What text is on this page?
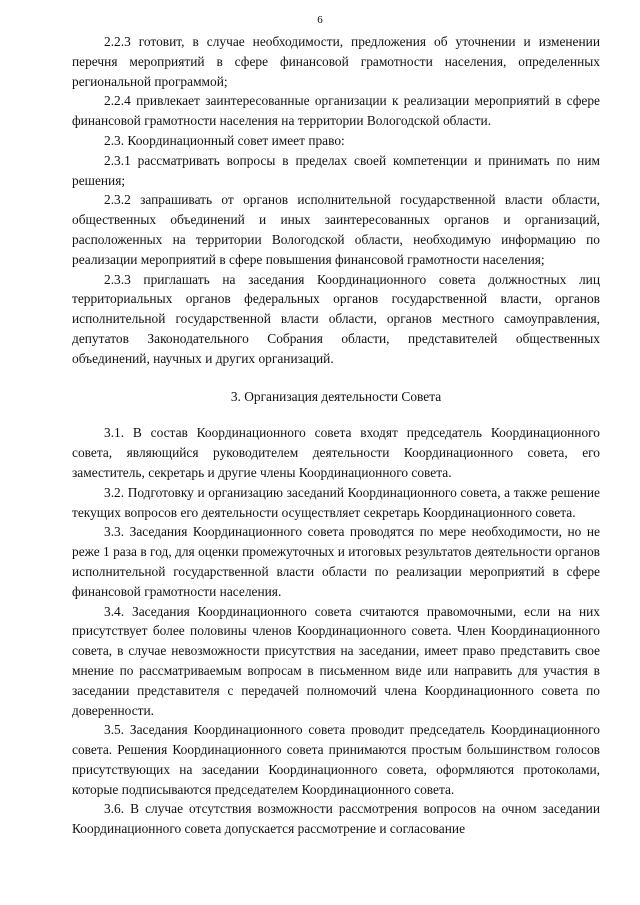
6

2.2.3 готовит, в случае необходимости, предложения об уточнении и изменении перечня мероприятий в сфере финансовой грамотности населения, определенных региональной программой;

2.2.4 привлекает заинтересованные организации к реализации мероприятий в сфере финансовой грамотности населения на территории Вологодской области.

2.3. Координационный совет имеет право:

2.3.1 рассматривать вопросы в пределах своей компетенции и принимать по ним решения;

2.3.2 запрашивать от органов исполнительной государственной власти области, общественных объединений и иных заинтересованных органов и организаций, расположенных на территории Вологодской области, необходимую информацию по реализации мероприятий в сфере повышения финансовой грамотности населения;

2.3.3 приглашать на заседания Координационного совета должностных лиц территориальных органов федеральных органов государственной власти, органов исполнительной государственной власти области, органов местного самоуправления, депутатов Законодательного Собрания области, представителей общественных объединений, научных и других организаций.

3. Организация деятельности Совета

3.1. В состав Координационного совета входят председатель Координационного совета, являющийся руководителем деятельности Координационного совета, его заместитель, секретарь и другие члены Координационного совета.

3.2. Подготовку и организацию заседаний Координационного совета, а также решение текущих вопросов его деятельности осуществляет секретарь Координационного совета.

3.3. Заседания Координационного совета проводятся по мере необходимости, но не реже 1 раза в год, для оценки промежуточных и итоговых результатов деятельности органов исполнительной государственной власти области по реализации мероприятий в сфере финансовой грамотности населения.

3.4. Заседания Координационного совета считаются правомочными, если на них присутствует более половины членов Координационного совета. Член Координационного совета, в случае невозможности присутствия на заседании, имеет право представить свое мнение по рассматриваемым вопросам в письменном виде или направить для участия в заседании представителя с передачей полномочий члена Координационного совета по доверенности.

3.5. Заседания Координационного совета проводит председатель Координационного совета. Решения Координационного совета принимаются простым большинством голосов присутствующих на заседании Координационного совета, оформляются протоколами, которые подписываются председателем Координационного совета.

3.6. В случае отсутствия возможности рассмотрения вопросов на очном заседании Координационного совета допускается рассмотрение и согласование
